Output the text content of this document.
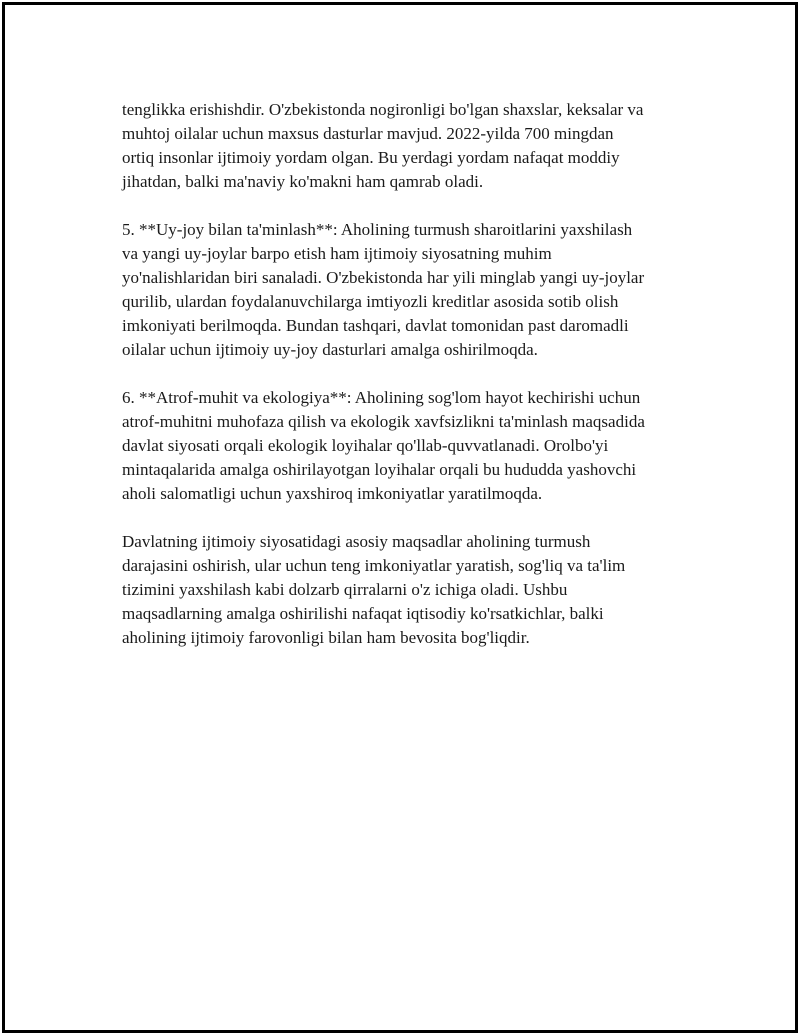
tenglikka erishishdir. O'zbekistonda nogironligi bo'lgan shaxslar, keksalar va
muhtoj oilalar uchun maxsus dasturlar mavjud. 2022-yilda 700 mingdan
ortiq insonlar ijtimoiy yordam olgan. Bu yerdagi yordam nafaqat moddiy
jihatdan, balki ma'naviy ko'makni ham qamrab oladi.

5. **Uy-joy bilan ta'minlash**: Aholining turmush sharoitlarini yaxshilash
va yangi uy-joylar barpo etish ham ijtimoiy siyosatning muhim
yo'nalishlaridan biri sanaladi. O'zbekistonda har yili minglab yangi uy-joylar
qurilib, ulardan foydalanuvchilarga imtiyozli kreditlar asosida sotib olish
imkoniyati berilmoqda. Bundan tashqari, davlat tomonidan past daromadli
oilalar uchun ijtimoiy uy-joy dasturlari amalga oshirilmoqda.

6. **Atrof-muhit va ekologiya**: Aholining sog'lom hayot kechirishi uchun
atrof-muhitni muhofaza qilish va ekologik xavfsizlikni ta'minlash maqsadida
davlat siyosati orqali ekologik loyihalar qo'llab-quvvatlanadi. Orolbo'yi
mintaqalarida amalga oshirilayotgan loyihalar orqali bu hududda yashovchi
aholi salomatligi uchun yaxshiroq imkoniyatlar yaratilmoqda.

Davlatning ijtimoiy siyosatidagi asosiy maqsadlar aholining turmush
darajasini oshirish, ular uchun teng imkoniyatlar yaratish, sog'liq va ta'lim
tizimini yaxshilash kabi dolzarb qirralarni o'z ichiga oladi. Ushbu
maqsadlarning amalga oshirilishi nafaqat iqtisodiy ko'rsatkichlar, balki
aholining ijtimoiy farovonligi bilan ham bevosita bog'liqdir.
